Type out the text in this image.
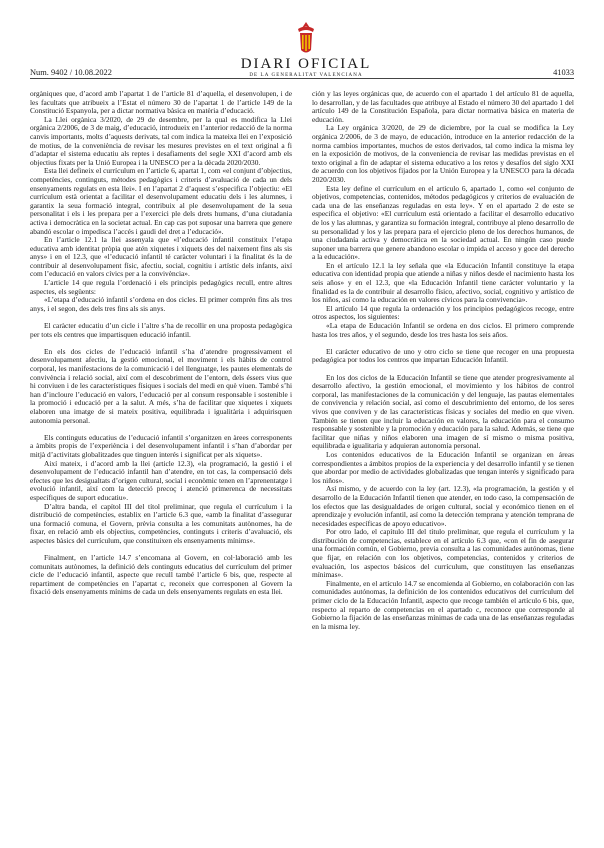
Num. 9402 / 10.08.2022
DIARI OFICIAL
DE LA GENERALITAT VALENCIANA	41033

orgàniques que, d’acord amb l’apartat 1 de l’article 81 d’aquella, el desenvolupen, i de les facultats que atribueix a l’Estat el número 30 de l’apartat 1 de l’article 149 de la Constitució Espanyola, per a dictar normativa bàsica en matèria d’educació.

La Llei orgànica 3/2020, de 29 de desembre, per la qual es modifica la Llei orgànica 2/2006, de 3 de maig, d’educació, introdueix en l’anterior redacció de la norma canvis importants, molts d’aquests derivats, tal com indica la mateixa llei en l’exposició de motius, de la conveniència de revisar les mesures previstes en el text original a fi d’adaptar el sistema educatiu als reptes i desafiaments del segle XXI d’acord amb els objectius fixats per la Unió Europea i la UNESCO per a la dècada 2020/2030.

Esta llei defineix el currículum en l’article 6, apartat 1, com «el conjunt d’objectius, competències, continguts, mètodes pedagògics i criteris d’avaluació de cada un dels ensenyaments regulats en esta llei». I en l’apartat 2 d’aquest s’especifica l’objectiu: «El currículum està orientat a facilitar el desenvolupament educatiu dels i les alumnes, i garantix la seua formació integral, contribuix al ple desenvolupament de la seua personalitat i els i les prepara per a l’exercici ple dels drets humans, d’una ciutadania activa i democràtica en la societat actual. En cap cas pot suposar una barrera que genere abandó escolar o impedisca l’accés i gaudi del dret a l’educació».

En l’article 12.1 la llei assenyala que «l’educació infantil constituix l’etapa educativa amb identitat pròpia que atén xiquetes i xiquets des del naixement fins als sis anys» i en el 12.3, que «l’educació infantil té caràcter voluntari i la finalitat és la de contribuir al desenvolupament físic, afectiu, social, cognitiu i artístic dels infants, així com l’educació en valors cívics per a la convivència».

L’article 14 que regula l’ordenació i els principis pedagògics recull, entre altres aspectes, els següents:

«L’etapa d’educació infantil s’ordena en dos cicles. El primer comprén fins als tres anys, i el segon, des dels tres fins als sis anys.

El caràcter educatiu d’un cicle i l’altre s’ha de recollir en una proposta pedagògica per tots els centres que impartisquen educació infantil.

En els dos cicles de l’educació infantil s’ha d’atendre progressivament el desenvolupament afectiu, la gestió emocional, el moviment i els hàbits de control corporal, les manifestacions de la comunicació i del llenguatge, les pautes elementals de convivència i relació social, així com el descobriment de l’entorn, dels éssers vius que hi conviuen i de les característiques físiques i socials del medi en què viuen. També s’hi han d’incloure l’educació en valors, l’educació per al consum responsable i sostenible i la promoció i educació per a la salut. A més, s’ha de facilitar que xiquetes i xiquets elaboren una imatge de si mateix positiva, equilibrada i igualitària i adquirisquen autonomia personal.

Els continguts educatius de l’educació infantil s’organitzen en àrees corresponents a àmbits propis de l’experiència i del desenvolupament infantil i s’han d’abordar per mitjà d’activitats globalitzades que tinguen interés i significat per als xiquets».

Així mateix, i d’acord amb la llei (article 12.3), «la programació, la gestió i el desenvolupament de l’educació infantil han d’atendre, en tot cas, la compensació dels efectes que les desigualtats d’origen cultural, social i econòmic tenen en l’aprenentatge i evolució infantil, així com la detecció precoç i atenció primerenca de necessitats específiques de suport educatiu».

D’altra banda, el capítol III del títol preliminar, que regula el currículum i la distribució de competències, establix en l’article 6.3 que, «amb la finalitat d’assegurar una formació comuna, el Govern, prèvia consulta a les comunitats autònomes, ha de fixar, en relació amb els objectius, competències, continguts i criteris d’avaluació, els aspectes bàsics del currículum, que constituixen els ensenyaments mínims».

Finalment, en l’article 14.7 s’encomana al Govern, en col·laboració amb les comunitats autònomes, la definició dels continguts educatius del currículum del primer cicle de l’educació infantil, aspecte que recull també l’article 6 bis, que, respecte al repartiment de competències en l’apartat c, reconeix que corresponen al Govern la fixació dels ensenyaments mínims de cada un dels ensenyaments regulats en esta llei.

ción y las leyes orgánicas que, de acuerdo con el apartado 1 del artículo 81 de aquella, lo desarrollan, y de las facultades que atribuye al Estado el número 30 del apartado 1 del artículo 149 de la Constitución Española, para dictar normativa básica en materia de educación.

La Ley orgánica 3/2020, de 29 de diciembre, por la cual se modifica la Ley orgánica 2/2006, de 3 de mayo, de educación, introduce en la anterior redacción de la norma cambios importantes, muchos de estos derivados, tal como indica la misma ley en la exposición de motivos, de la conveniencia de revisar las medidas previstas en el texto original a fin de adaptar el sistema educativo a los retos y desafíos del siglo XXI de acuerdo con los objetivos fijados por la Unión Europea y la UNESCO para la década 2020/2030.

Esta ley define el currículum en el artículo 6, apartado 1, como «el conjunto de objetivos, competencias, contenidos, métodos pedagógicos y criterios de evaluación de cada una de las enseñanzas reguladas en esta ley». Y en el apartado 2 de este se especifica el objetivo: «El currículum está orientado a facilitar el desarrollo educativo de los y las alumnas, y garantiza su formación integral, contribuye al pleno desarrollo de su personalidad y los y las prepara para el ejercicio pleno de los derechos humanos, de una ciudadanía activa y democrática en la sociedad actual. En ningún caso puede suponer una barrera que genere abandono escolar o impida el acceso y goce del derecho a la educación».

En el artículo 12.1 la ley señala que «la Educación Infantil constituye la etapa educativa con identidad propia que atiende a niñas y niños desde el nacimiento hasta los seis años» y en el 12.3, que «la Educación Infantil tiene carácter voluntario y la finalidad es la de contribuir al desarrollo físico, afectivo, social, cognitivo y artístico de los niños, así como la educación en valores cívicos para la convivencia».

El artículo 14 que regula la ordenación y los principios pedagógicos recoge, entre otros aspectos, los siguientes:

«La etapa de Educación Infantil se ordena en dos ciclos. El primero comprende hasta los tres años, y el segundo, desde los tres hasta los seis años.

El carácter educativo de uno y otro ciclo se tiene que recoger en una propuesta pedagógica por todos los centros que impartan Educación Infantil.

En los dos ciclos de la Educación Infantil se tiene que atender progresivamente al desarrollo afectivo, la gestión emocional, el movimiento y los hábitos de control corporal, las manifestaciones de la comunicación y del lenguaje, las pautas elementales de convivencia y relación social, así como el descubrimiento del entorno, de los seres vivos que conviven y de las características físicas y sociales del medio en que viven. También se tienen que incluir la educación en valores, la educación para el consumo responsable y sostenible y la promoción y educación para la salud. Además, se tiene que facilitar que niñas y niños elaboren una imagen de sí mismo o misma positiva, equilibrada e igualitaria y adquieran autonomía personal.

Los contenidos educativos de la Educación Infantil se organizan en áreas correspondientes a ámbitos propios de la experiencia y del desarrollo infantil y se tienen que abordar por medio de actividades globalizadas que tengan interés y significado para los niños».

Así mismo, y de acuerdo con la ley (art. 12.3), «la programación, la gestión y el desarrollo de la Educación Infantil tienen que atender, en todo caso, la compensación de los efectos que las desigualdades de origen cultural, social y económico tienen en el aprendizaje y evolución infantil, así como la detección temprana y atención temprana de necesidades específicas de apoyo educativo».

Por otro lado, el capítulo III del título preliminar, que regula el currículum y la distribución de competencias, establece en el artículo 6.3 que, «con el fin de asegurar una formación común, el Gobierno, previa consulta a las comunidades autónomas, tiene que fijar, en relación con los objetivos, competencias, contenidos y criterios de evaluación, los aspectos básicos del currículum, que constituyen las enseñanzas mínimas».

Finalmente, en el artículo 14.7 se encomienda al Gobierno, en colaboración con las comunidades autónomas, la definición de los contenidos educativos del currículum del primer ciclo de la Educación Infantil, aspecto que recoge también el artículo 6 bis, que, respecto al reparto de competencias en el apartado c, reconoce que corresponde al Gobierno la fijación de las enseñanzas mínimas de cada una de las enseñanzas reguladas en la misma ley.
